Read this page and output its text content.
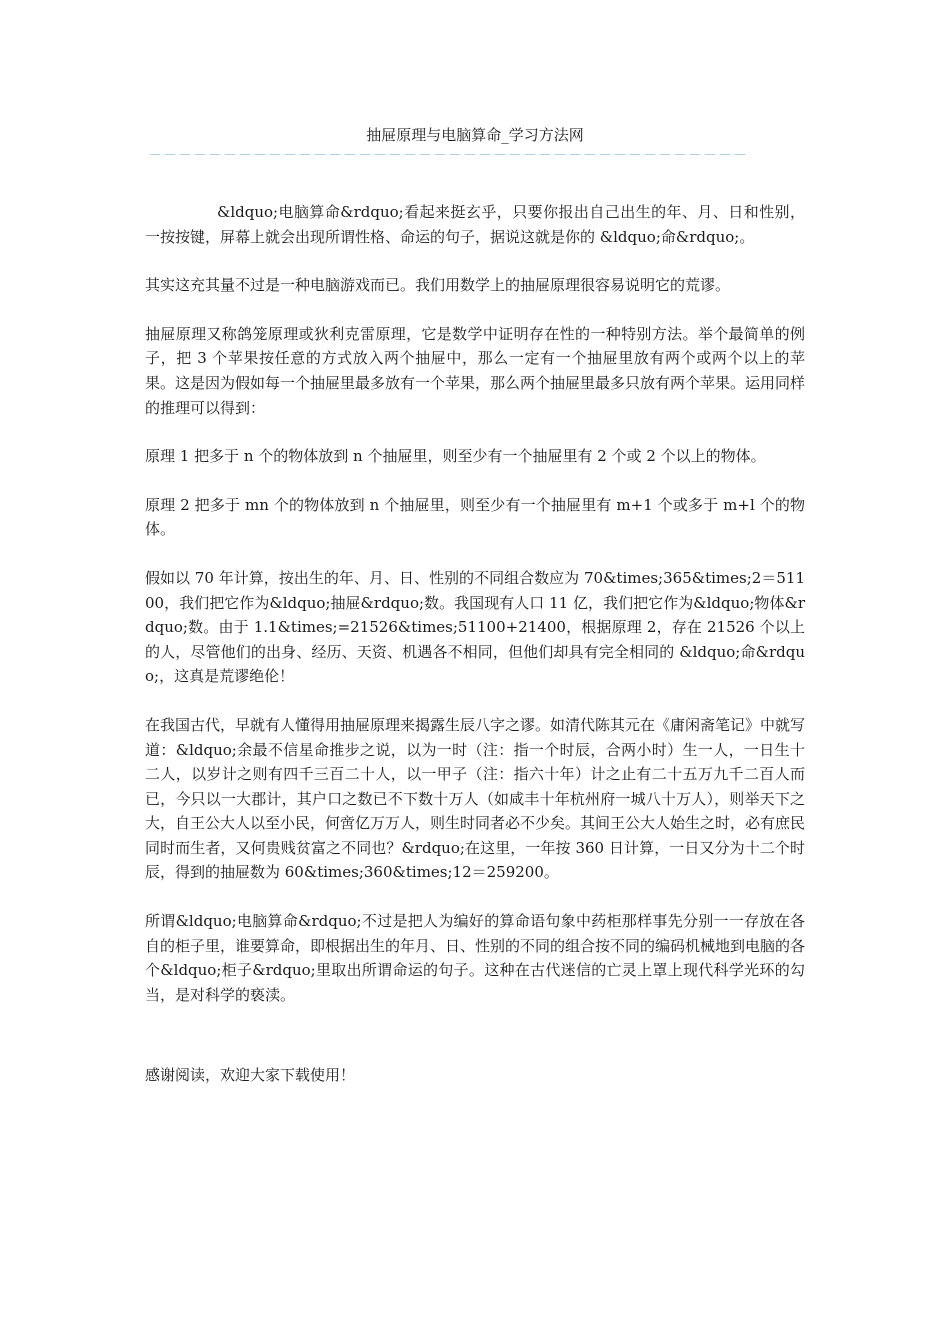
抽屉原理与电脑算命_学习方法网
－－－－－－－－－－－－－－－－－－－－－－－－－－－－－－－－－－－－－－－－

&ldquo;电脑算命&rdquo;看起来挺玄乎，只要你报出自己出生的年、月、日和性别，一按按键，屏幕上就会出现所谓性格、命运的句子，据说这就是你的 &ldquo;命&rdquo;。

其实这充其量不过是一种电脑游戏而已。我们用数学上的抽屉原理很容易说明它的荒谬。

抽屉原理又称鸽笼原理或狄利克雷原理，它是数学中证明存在性的一种特别方法。举个最简单的例子，把 3 个苹果按任意的方式放入两个抽屉中，那么一定有一个抽屉里放有两个或两个以上的苹果。这是因为假如每一个抽屉里最多放有一个苹果，那么两个抽屉里最多只放有两个苹果。运用同样的推理可以得到：

原理 1 把多于 n 个的物体放到 n 个抽屉里，则至少有一个抽屉里有 2 个或 2 个以上的物体。

原理 2 把多于 mn 个的物体放到 n 个抽屉里，则至少有一个抽屉里有 m+1 个或多于 m+l 个的物体。

假如以 70 年计算，按出生的年、月、日、性别的不同组合数应为 70&times;365&times;2＝51100，我们把它作为&ldquo;抽屉&rdquo;数。我国现有人口 11 亿，我们把它作为&ldquo;物体&rdquo;数。由于 1.1&times;=21526&times;51100+21400，根据原理 2，存在 21526 个以上的人，尽管他们的出身、经历、天资、机遇各不相同，但他们却具有完全相同的 &ldquo;命&rdquo;，这真是荒谬绝伦！

在我国古代，早就有人懂得用抽屉原理来揭露生辰八字之谬。如清代陈其元在《庸闲斋笔记》中就写道：&ldquo;余最不信星命推步之说，以为一时（注：指一个时辰，合两小时）生一人，一日生十二人，以岁计之则有四千三百二十人，以一甲子（注：指六十年）计之止有二十五万九千二百人而已，今只以一大郡计，其户口之数已不下数十万人（如咸丰十年杭州府一城八十万人），则举天下之大，自王公大人以至小民，何啻亿万万人，则生时同者必不少矣。其间王公大人始生之时，必有庶民同时而生者，又何贵贱贫富之不同也？&rdquo;在这里，一年按 360 日计算，一日又分为十二个时辰，得到的抽屉数为 60&times;360&times;12＝259200。

所谓&ldquo;电脑算命&rdquo;不过是把人为编好的算命语句象中药柜那样事先分别一一存放在各自的柜子里，谁要算命，即根据出生的年月、日、性别的不同的组合按不同的编码机械地到电脑的各个&ldquo;柜子&rdquo;里取出所谓命运的句子。这种在古代迷信的亡灵上罩上现代科学光环的勾当，是对科学的亵渎。

感谢阅读，欢迎大家下载使用！
